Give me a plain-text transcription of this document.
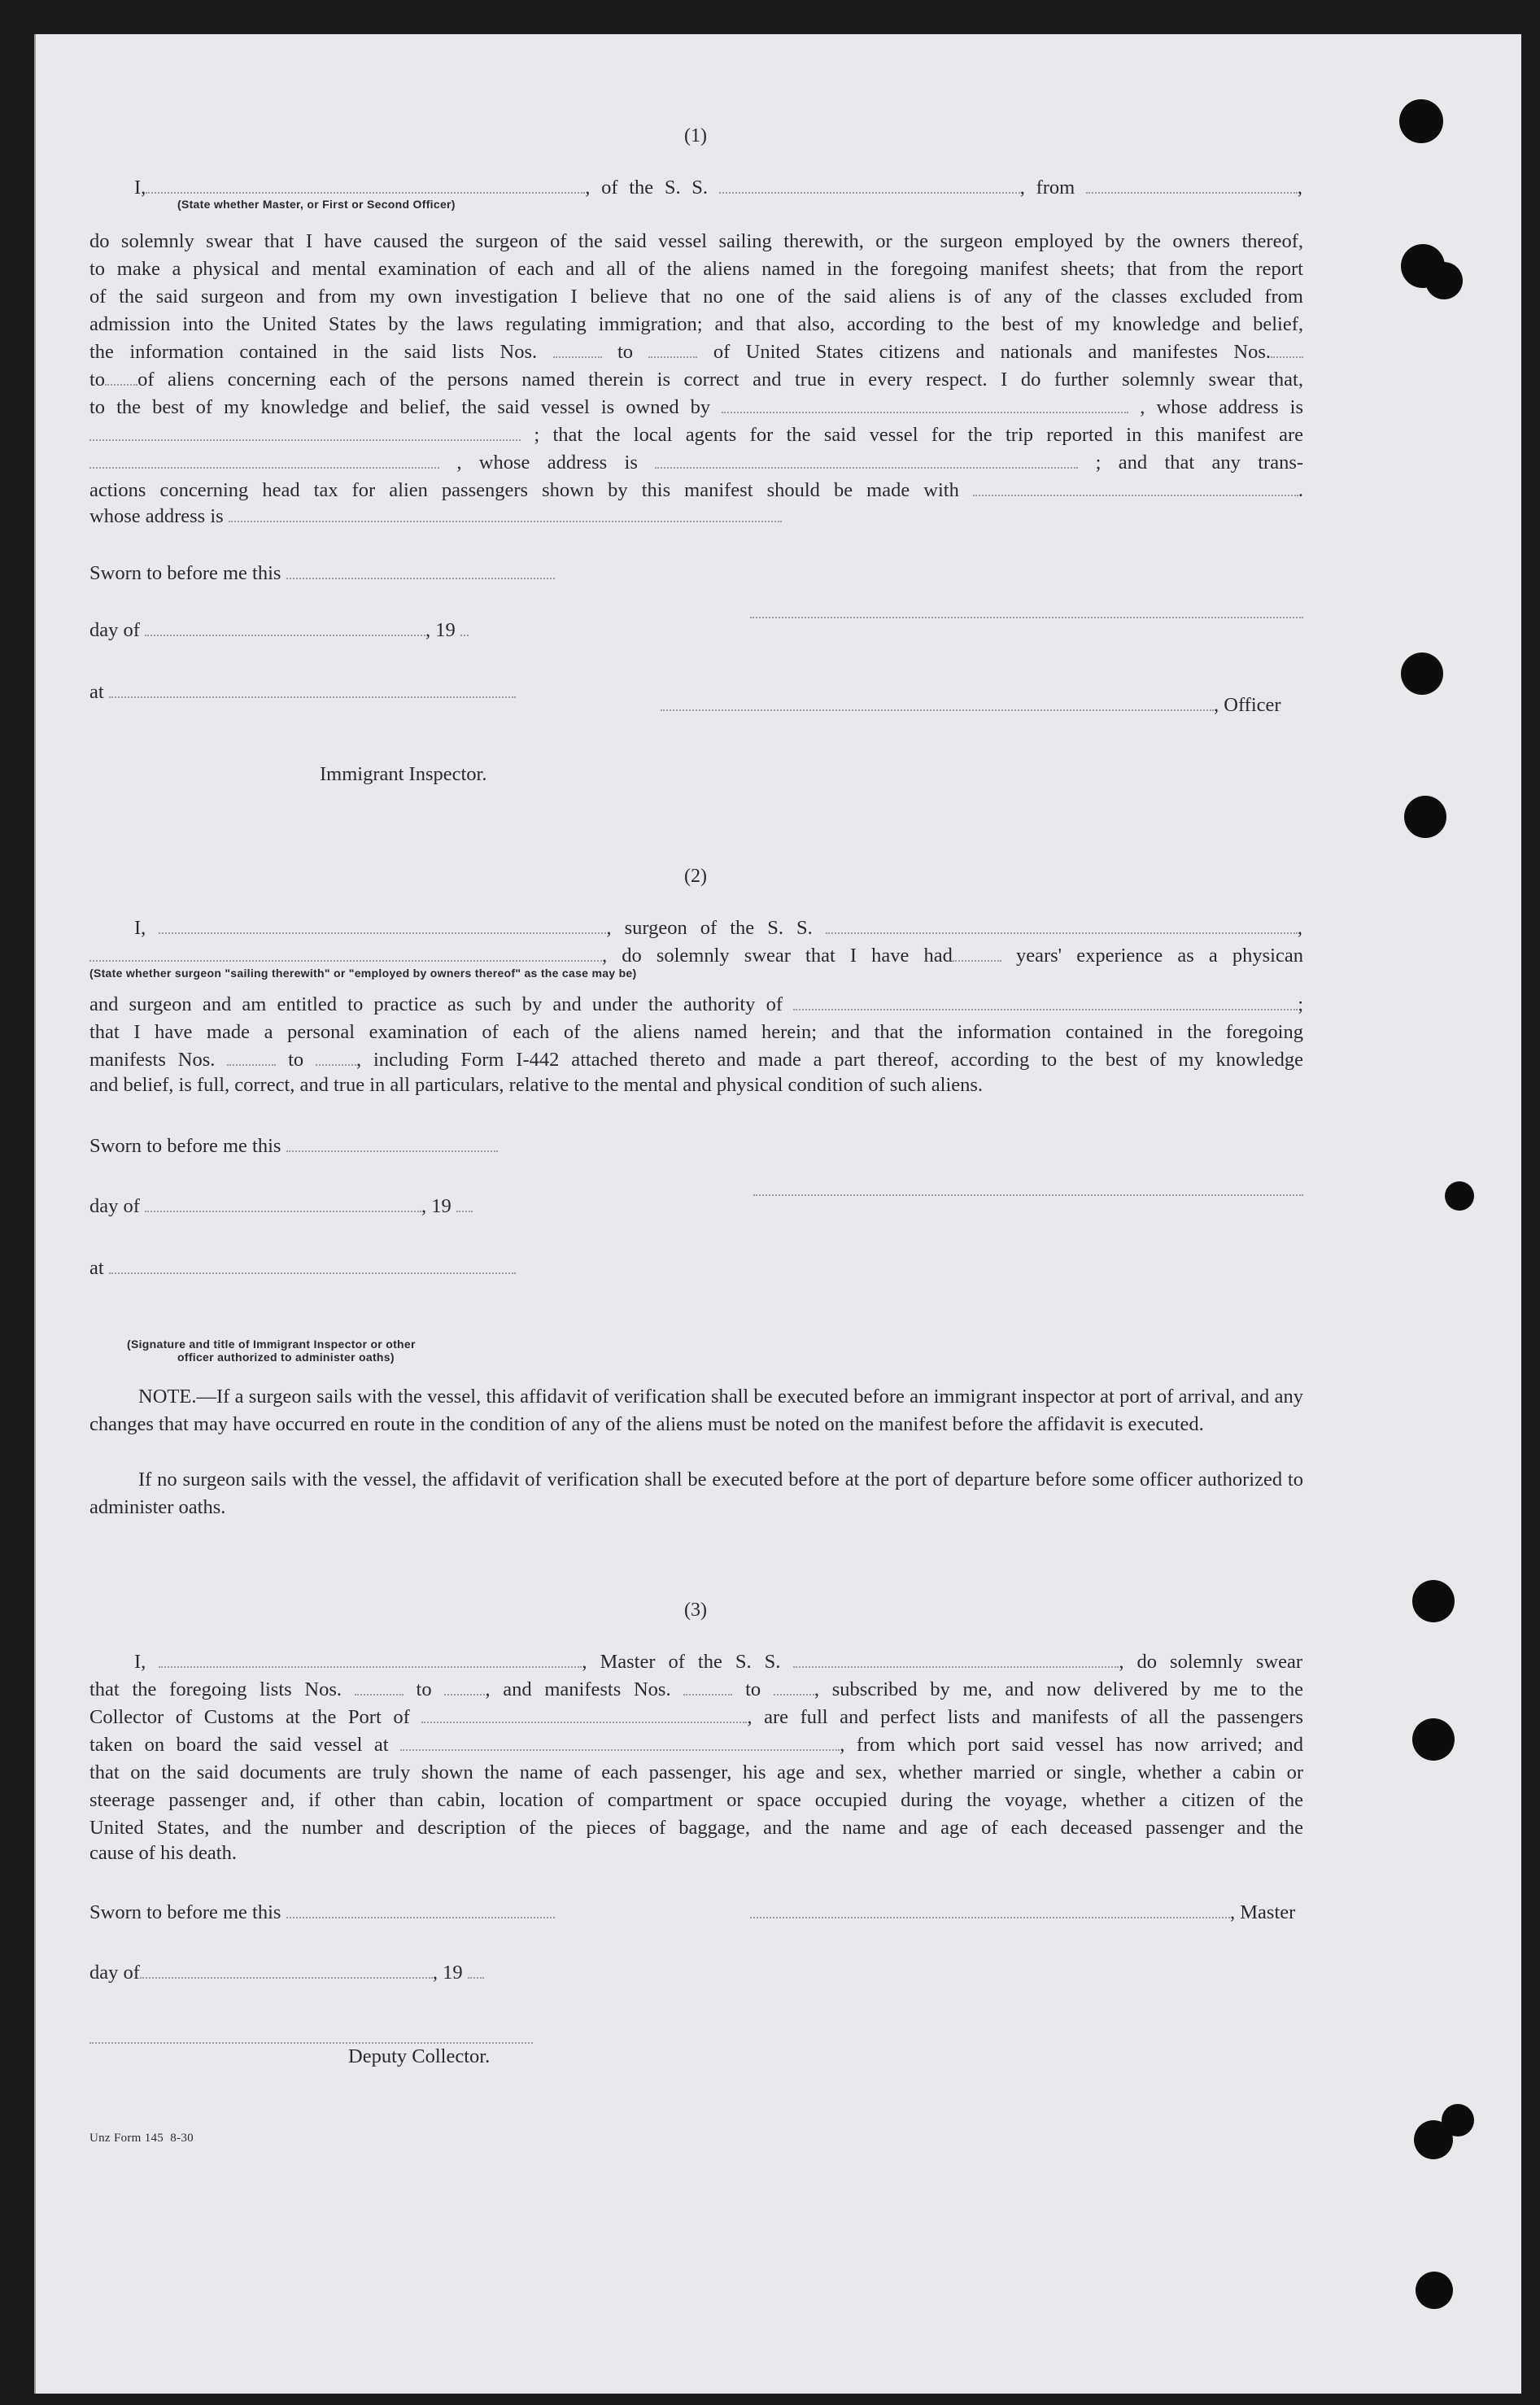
(1)
I,	, of the S. S.	, from	,
(State whether Master, or First or Second Officer)
do solemnly swear that I have caused the surgeon of the said vessel sailing therewith, or the surgeon employed by the owners thereof,
to make a physical and mental examination of each and all of the aliens named in the foregoing manifest sheets; that from the report
of the said surgeon and from my own investigation I believe that no one of the said aliens is of any of the classes excluded from
admission into the United States by the laws regulating immigration; and that also, according to the best of my knowledge and belief,
the information contained in the said lists Nos.	to	of United States citizens and nationals and manifestes Nos.
to of aliens concerning each of the persons named therein is correct and true in every respect. I do further solemnly swear that,
to the best of my knowledge and belief, the said vessel is owned by	, whose address is
; that the local agents for the said vessel for the trip reported in this manifest are
, whose address is	; and that any trans-
actions concerning head tax for alien passengers shown by this manifest should be made with	.
whose address is
Sworn to before me this
day of	, 19
at
, Officer
Immigrant Inspector.
(2)
I,	, surgeon of the S. S.	,
, do solemnly swear that I have had	years' experience as a physican
(State whether surgeon "sailing therewith" or "employed by owners thereof" as the case may be)
and surgeon and am entitled to practice as such by and under the authority of	;
that I have made a personal examination of each of the aliens named herein; and that the information contained in the foregoing
manifests Nos.	to	, including Form I-442 attached thereto and made a part thereof, according to the best of my knowledge
and belief, is full, correct, and true in all particulars, relative to the mental and physical condition of such aliens.
Sworn to before me this
day of	, 19
at
(Signature and title of Immigrant Inspector or other
officer authorized to administer oaths)
NOTE.—If a surgeon sails with the vessel, this affidavit of verification shall be executed before an immigrant inspector at port of arrival, and any changes that may have occurred en route in the condition of any of the aliens must be noted on the manifest before the affidavit is executed.
If no surgeon sails with the vessel, the affidavit of verification shall be executed before at the port of departure before some officer authorized to administer oaths.
(3)
I,	, Master of the S. S.	, do solemnly swear
that the foregoing lists Nos.	to	, and manifests Nos.	to	, subscribed by me, and now delivered by me to the
Collector of Customs at the Port of	, are full and perfect lists and manifests of all the passengers
taken on board the said vessel at	, from which port said vessel has now arrived; and
that on the said documents are truly shown the name of each passenger, his age and sex, whether married or single, whether a cabin or
steerage passenger and, if other than cabin, location of compartment or space occupied during the voyage, whether a citizen of the
United States, and the number and description of the pieces of baggage, and the name and age of each deceased passenger and the
cause of his death.
Sworn to before me this	, Master
day of	, 19
Deputy Collector.
Unz Form 145 8-30
